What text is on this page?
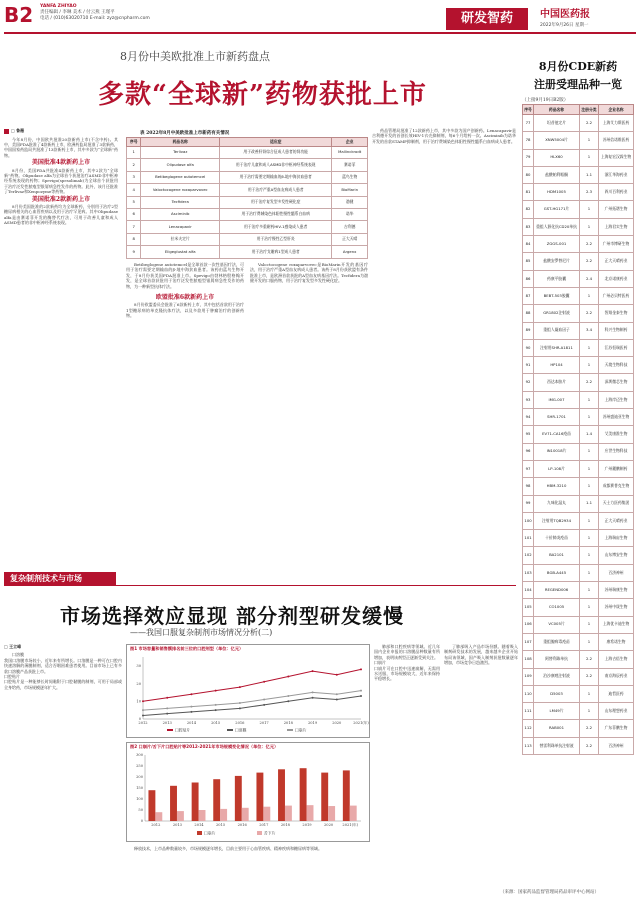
B2 YANFA ZHIYAO
责任编辑 / 李琳 美术 / 付云燕 王瑾平
电话 / (010)63020710 E-mail: zyz@cnpharm.com	研发智药	中国医药报
2022年9月26日 星期一
8月份中美欧批准上市新药盘点
多款“全球新”药物获批上市
□ 鲁薇

今年8月份，中国欧共批准20款新药上市(不含中药)。其中，美国FDA批准了4款新药上市，欧洲药监局批准了3款新药，中国国家药监局共批准了13款新药上市，其中多款为“全球新”药物。

美国批准4款新药上市

8月份，美国FDA共批准4款新药上市，其中2款为“全球新”药物。Olipudase alfa为全球首个获批治疗ASMD非中枢神经系统表现的药物；Spevigo(spesolimab)为全球首个获批用于治疗泛发性脓疱型银屑病急性发作的药物。此外，该月还批准了Terlivaz和Xenpozyme等药物。

美国批准2款新药上市

8月份美国批准的2款新药均为全球新药，分别用于治疗2型糖尿病相关的心血管疾病以及用于治疗罕见病。其中Olipudase alfa是由赛诺菲开发的酶替代疗法，可用于改善儿童和成人ASMD患者的非中枢神经系统表现。

表 2022年8月中美欧批准上市新药有关情况
序号	药品名称	适应症	企业
1	Terlivaz	用于改善肝肾综合征成人患者的肾功能	Mallinckrodt
2	Olipudase alfa	用于治疗儿童和成人ASMD非中枢神经系统表现	赛诺菲
3	Betibeglogene autotemcel	用于治疗需要定期输血的β-地中海贫血患者	蓝鸟生物
4	Valoctocogene roxaparvovec	用于治疗严重A型血友病成人患者	BioMarin
5	Tecfidera	用于治疗复发型多发性硬化症	渤健
6	Asciminib	用于治疗费城染色体阳性慢性髓系白血病	诺华
7	Lenacapavir	用于治疗多重耐药HIV-1感染成人患者	吉利德
8	拉米夫定片	用于治疗慢性乙型肝炎	正大天晴
9	Eligeglustat alfa	用于治疗戈谢病1型成人患者	Argenx

Betibeglogene autotemcel是全球首款一次性基因疗法，可用于治疗需要定期输血的β-地中海贫血患者。该药由蓝鸟生物开发，于8月份获美国FDA批准上市。Spevigo由勃林格殷格翰开发，是全球首款获批用于治疗泛发性脓疱型银屑病急性发作的药物，为一种新型抗体疗法。

欧盟批准6款新药上市

8月份欧盟委员会批准了6款新药上市，其中包括首款用于治疗1型糖尿病的单克隆抗体疗法，以及多款用于肿瘤治疗的创新药物。

Valoctocogene roxaparvovec是BioMarin开发的基因疗法，用于治疗严重A型血友病成人患者。该药于8月份获欧盟有条件批准上市，是欧洲首款获批的A型血友病基因疗法。Tecfidera为渤健开发的口服药物，用于治疗复发型多发性硬化症。

药品管理局批准了12款新药上市，其中多款为国产创新药。Lenacapavir是吉利德开发的首创长效HIV-1衣壳抑制剂，每6个月给药一次。Asciminib为诺华开发的首款STAMP抑制剂，用于治疗费城染色体阳性慢性髓系白血病成人患者。

8月份CDE新药
注册受理品种一览
（上接9月19日B2版）
序号	药品名称	注册分类	企业名称
77	坦昔他定片	2.2	上海艾力斯医药
78	XNW5004片	1	苏州信诺维医药
79	HLX60	1	上海复宏汉霖生物
80	盐酸帕利哌酮	1.1	浙江华海药业
81	HDM1005	2.3	四川百利药业
82	GST-HG171片	1	广州拓谱生物
83	重组人源化抗CD20单抗	1	上海君实生物
84	ZGGS-001	2.2	广州市博研生物
85	盐酸安罗替尼片	2.2	正大天晴药业
86	药康平胶囊	2.4	北京诺康药业
87	BEBT-503胶囊	1	广州必贝特医药
88	GR1802注射液	2.2	智翔金泰生物
89	重组人凝血因子	3.4	科兴生物制药
90	注射用SHR-A1811	1	江苏恒瑞医药
91	HP104	1	天境生物科技
92	西达本胺片	2.2	深圳微芯生物
93	IMG-007	1	上海岸迈生物
94	SHR-1701	1	苏州盛迪亚生物
95	EV71-CA16疫苗	1.4	艾美康淮生物
96	IN10018片	1	应世生物科技
97	LP-108片	1	广州麓鹏制药
98	HBM-3210	1	成都赛普克生物
99	九味化湿丸	1.1	天士力医药集团
100	注射用TQB2934	1	正大天晴药业
101	十价肺炎疫苗	1	上海瑞宙生物
102	BA2101	1	山东博安生物
103	BGB-A445	1	百济神州
104	REGEND006	1	苏州瑞康生物
105	CO1005	1	苏州中晟生物
106	VC005片	1	上海优卡迪生物
107	重组腺病毒疫苗	1	康希诺生物
108	阿替利珠单抗	2.2	上海吉倍生物
109	泊沙康唑注射液	2.2	南京海辰药业
110	D5003	1	迪哲医药
111	LM49片	1	山东理想药业
112	RAB001	2.2	广东菲鹏生物
113	替雷利珠单抗注射液	2.2	百济神州
复杂制剂技术与市场
市场选择效应显现 部分剂型研发缓慢
——我国口服复杂制剂市场情况分析(二)
□ 王立峰

口溶膜
我国口溶膜市场较小，近年来有所增长。口溶膜是一种可在口腔内快速溶解的薄膜制剂，适合吞咽困难患者使用。目前市场上已有多款口溶膜产品获批上市。
口腔贴片
口腔贴片是一种能够长时间黏附于口腔黏膜的制剂，可用于局部或全身给药，市场规模逐年扩大。

图1 市场容量和销售额排名前三位的口腔剂型（单位：亿元）
0
10
20
30
2012	2013	2014	2015	2016	2017	2018	2019	2020	2021(年)
口腔贴片	口溶膜	口崩片
图2 口崩片/舌下片口腔贴片等2012-2021年市场规模变化情况（单位：亿元）
0
50
100
150
200
250
300
2012	2013	2014	2015	2016	2017	2018	2019	2020	2021(年)
口崩片	舌下片

释放技术，上市品种数量较多，市场规模逐年增长，目前主要用于心血管疾病、精神疾病和糖尿病等领域。

肺部和口腔疾病等领域。近几年国内企业申报的口溶膜品种数量有所增加，表明该剂型正逐渐受到关注。
口崩片
口崩片可在口腔中迅速崩解，无需用水送服，市场规模较大，近年来保持平稳增长。

了肺部吸入产品市场份额。随着吸入制剂研发技术的发展，越来越多企业开始布局该领域，国产吸入制剂获批数量逐年增加，市场竞争日趋激烈。

（来源：国家药品监督管理局药品审评中心网站）
